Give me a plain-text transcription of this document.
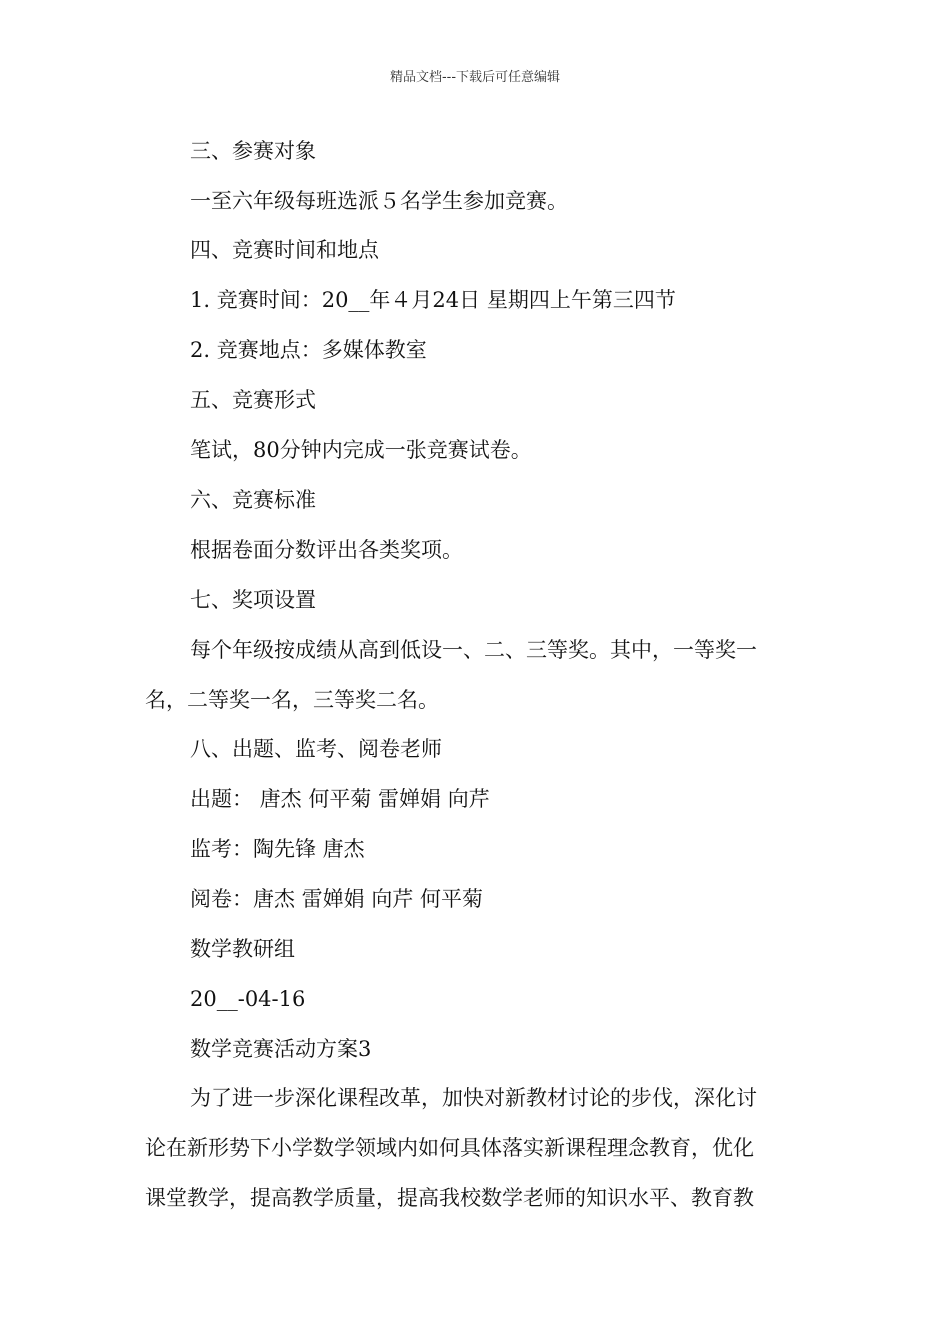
精品文档---下载后可任意编辑
三、参赛对象
一至六年级每班选派５名学生参加竞赛。
四、竞赛时间和地点
1. 竞赛时间：20__年４月24日 星期四上午第三四节
2. 竞赛地点：多媒体教室
五、竞赛形式
笔试，80分钟内完成一张竞赛试卷。
六、竞赛标准
根据卷面分数评出各类奖项。
七、奖项设置
每个年级按成绩从高到低设一、二、三等奖。其中，一等奖一
名，二等奖一名，三等奖二名。
八、出题、监考、阅卷老师
出题： 唐杰 何平菊 雷婵娟 向芹
监考：陶先锋 唐杰
阅卷：唐杰 雷婵娟 向芹 何平菊
数学教研组
20__-04-16
数学竞赛活动方案3
为了进一步深化课程改革，加快对新教材讨论的步伐，深化讨
论在新形势下小学数学领域内如何具体落实新课程理念教育，优化
课堂教学，提高教学质量，提高我校数学老师的知识水平、教育教
